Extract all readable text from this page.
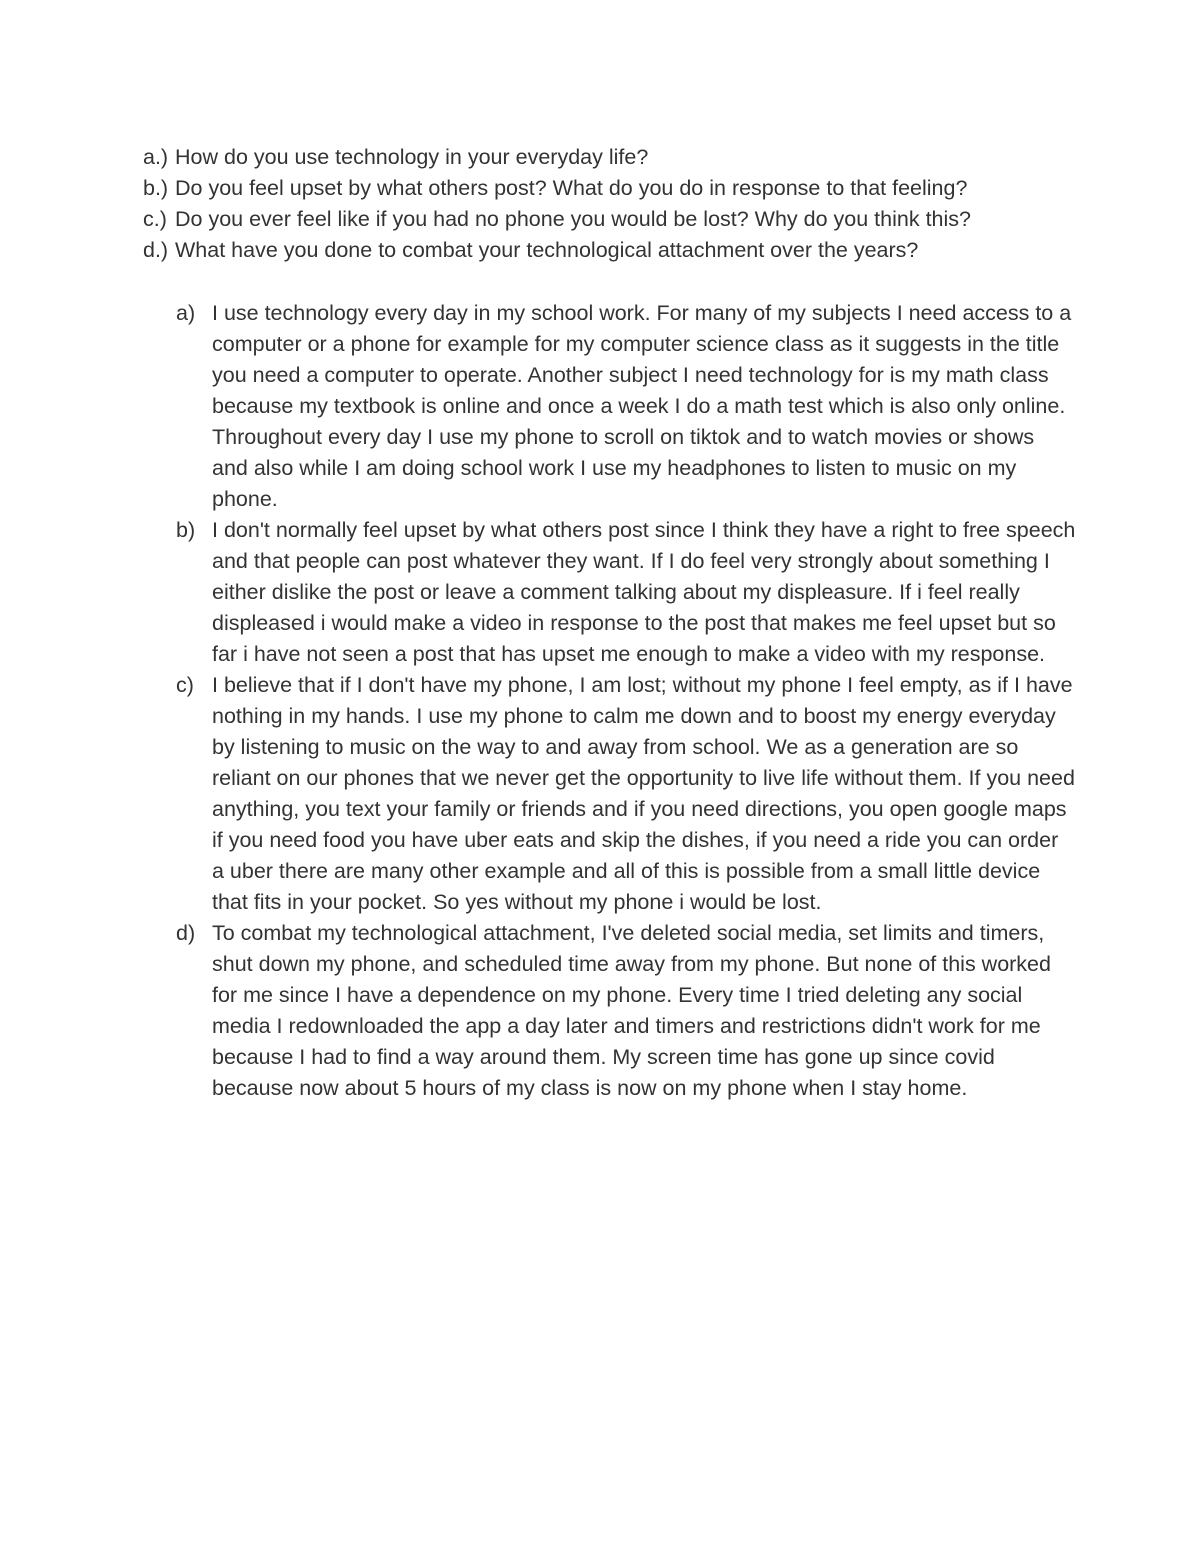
a.) How do you use technology in your everyday life?
b.) Do you feel upset by what others post? What do you do in response to that feeling?
c.) Do you ever feel like if you had no phone you would be lost? Why do you think this?
d.) What have you done to combat your technological attachment over the years?
a) I use technology every day in my school work. For many of my subjects I need access to a computer or a phone for example for my computer science class as it suggests in the title you need a computer to operate. Another subject I need technology for is my math class because my textbook is online and once a week I do a math test which is also only online. Throughout every day I use my phone to scroll on tiktok and to watch movies or shows and also while I am doing school work I use my headphones to listen to music on my phone.
b) I don't normally feel upset by what others post since I think they have a right to free speech and that people can post whatever they want. If I do feel very strongly about something I either dislike the post or leave a comment talking about my displeasure. If i feel really displeased i would make a video in response to the post that makes me feel upset but so far i have not seen a post that has upset me enough to make a video with my response.
c) I believe that if I don't have my phone, I am lost; without my phone I feel empty, as if I have nothing in my hands. I use my phone to calm me down and to boost my energy everyday by listening to music on the way to and away from school. We as a generation are so reliant on our phones that we never get the opportunity to live life without them. If you need anything, you text your family or friends and if you need directions, you open google maps if you need food you have uber eats and skip the dishes, if you need a ride you can order a uber there are many other example and all of this is possible from a small little device that fits in your pocket. So yes without my phone i would be lost.
d) To combat my technological attachment, I've deleted social media, set limits and timers, shut down my phone, and scheduled time away from my phone. But none of this worked for me since I have a dependence on my phone. Every time I tried deleting any social media I redownloaded the app a day later and timers and restrictions didn't work for me because I had to find a way around them. My screen time has gone up since covid because now about 5 hours of my class is now on my phone when I stay home.
